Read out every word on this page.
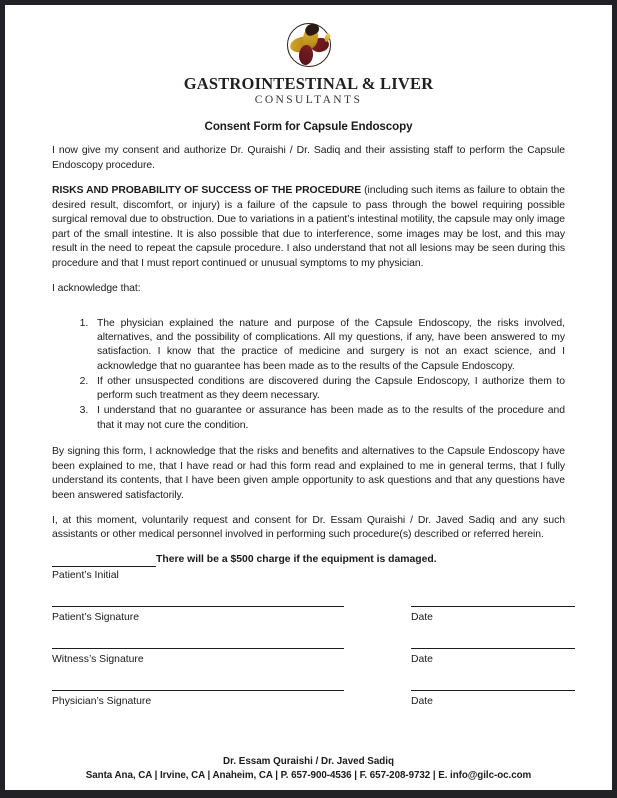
GASTROINTESTINAL & LIVER
CONSULTANTS
Consent Form for Capsule Endoscopy

I now give my consent and authorize Dr. Quraishi / Dr. Sadiq and their assisting staff to perform the Capsule Endoscopy procedure.

RISKS AND PROBABILITY OF SUCCESS OF THE PROCEDURE (including such items as failure to obtain the desired result, discomfort, or injury) is a failure of the capsule to pass through the bowel requiring possible surgical removal due to obstruction. Due to variations in a patient’s intestinal motility, the capsule may only image part of the small intestine. It is also possible that due to interference, some images may be lost, and this may result in the need to repeat the capsule procedure. I also understand that not all lesions may be seen during this procedure and that I must report continued or unusual symptoms to my physician.

I acknowledge that:

1. The physician explained the nature and purpose of the Capsule Endoscopy, the risks involved, alternatives, and the possibility of complications. All my questions, if any, have been answered to my satisfaction. I know that the practice of medicine and surgery is not an exact science, and I acknowledge that no guarantee has been made as to the results of the Capsule Endoscopy.
2. If other unsuspected conditions are discovered during the Capsule Endoscopy, I authorize them to perform such treatment as they deem necessary.
3. I understand that no guarantee or assurance has been made as to the results of the procedure and that it may not cure the condition.

By signing this form, I acknowledge that the risks and benefits and alternatives to the Capsule Endoscopy have been explained to me, that I have read or had this form read and explained to me in general terms, that I fully understand its contents, that I have been given ample opportunity to ask questions and that any questions have been answered satisfactorily.

I, at this moment, voluntarily request and consent for Dr. Essam Quraishi / Dr. Javed Sadiq and any such assistants or other medical personnel involved in performing such procedure(s) described or referred herein.

There will be a $500 charge if the equipment is damaged.
Patient’s Initial
Patient’s Signature	Date
Witness’s Signature	Date
Physician’s Signature	Date
Dr. Essam Quraishi / Dr. Javed Sadiq
Santa Ana, CA | Irvine, CA | Anaheim, CA | P. 657-900-4536 | F. 657-208-9732 | E. info@gilc-oc.com
